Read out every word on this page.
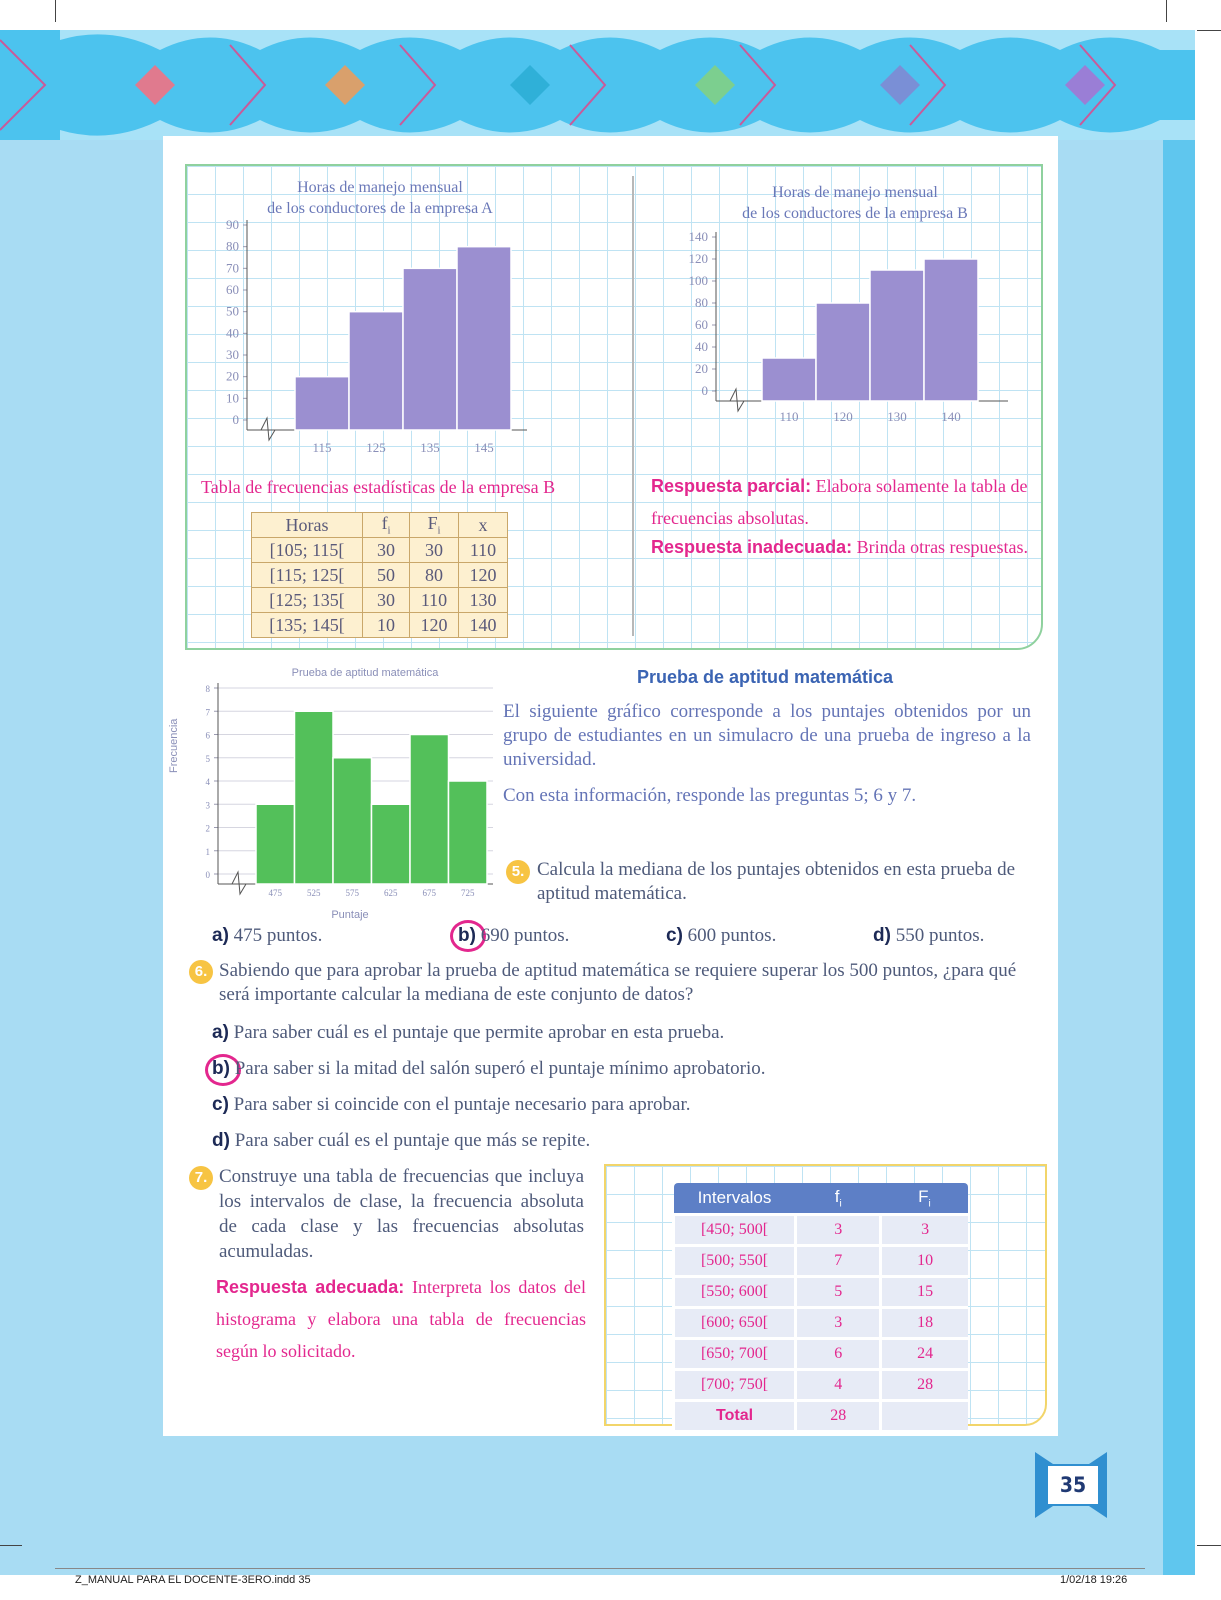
Horas de manejo mensual
de los conductores de la empresa A
90
80
70
60
50
40
30
20
10
0
115	125	135	145
Horas de manejo mensual
de los conductores de la empresa B
140
120
100
80
60
40
20
0
110	120	130	140
Tabla de frecuencias estadísticas de la empresa B
Horas	$f_i$	$F_i$	x
[105; 115[	30	30	110
[115; 125[	50	80	120
[125; 135[	30	110	130
[135; 145[	10	120	140
Respuesta parcial: Elabora solamente la tabla de frecuencias absolutas.
Respuesta inadecuada: Brinda otras respuestas.
Prueba de aptitud matemática
Frecuencia
8
7
6
5
4
3
2
1
0
475	525	575	625	675	725
Puntaje
Prueba de aptitud matemática
El siguiente gráfico corresponde a los puntajes obtenidos por un grupo de estudiantes en un simulacro de una prueba de ingreso a la universidad.
Con esta información, responde las preguntas 5; 6 y 7.
5. Calcula la mediana de los puntajes obtenidos en esta prueba de aptitud matemática.
a) 475 puntos.	b) 690 puntos.	c) 600 puntos.	d) 550 puntos.
6. Sabiendo que para aprobar la prueba de aptitud matemática se requiere superar los 500 puntos, ¿para qué será importante calcular la mediana de este conjunto de datos?
a) Para saber cuál es el puntaje que permite aprobar en esta prueba.
b) Para saber si la mitad del salón superó el puntaje mínimo aprobatorio.
c) Para saber si coincide con el puntaje necesario para aprobar.
d) Para saber cuál es el puntaje que más se repite.
7. Construye una tabla de frecuencias que incluya los intervalos de clase, la frecuencia absoluta de cada clase y las frecuencias absolutas acumuladas.
Respuesta adecuada: Interpreta los datos del histograma y elabora una tabla de frecuencias según lo solicitado.
Intervalos	$f_i$	$F_i$
[450; 500[	3	3
[500; 550[	7	10
[550; 600[	5	15
[600; 650[	3	18
[650; 700[	6	24
[700; 750[	4	28
Total	28	
35
Z_MANUAL PARA EL DOCENTE-3ERO.indd 35	1/02/18 19:26
